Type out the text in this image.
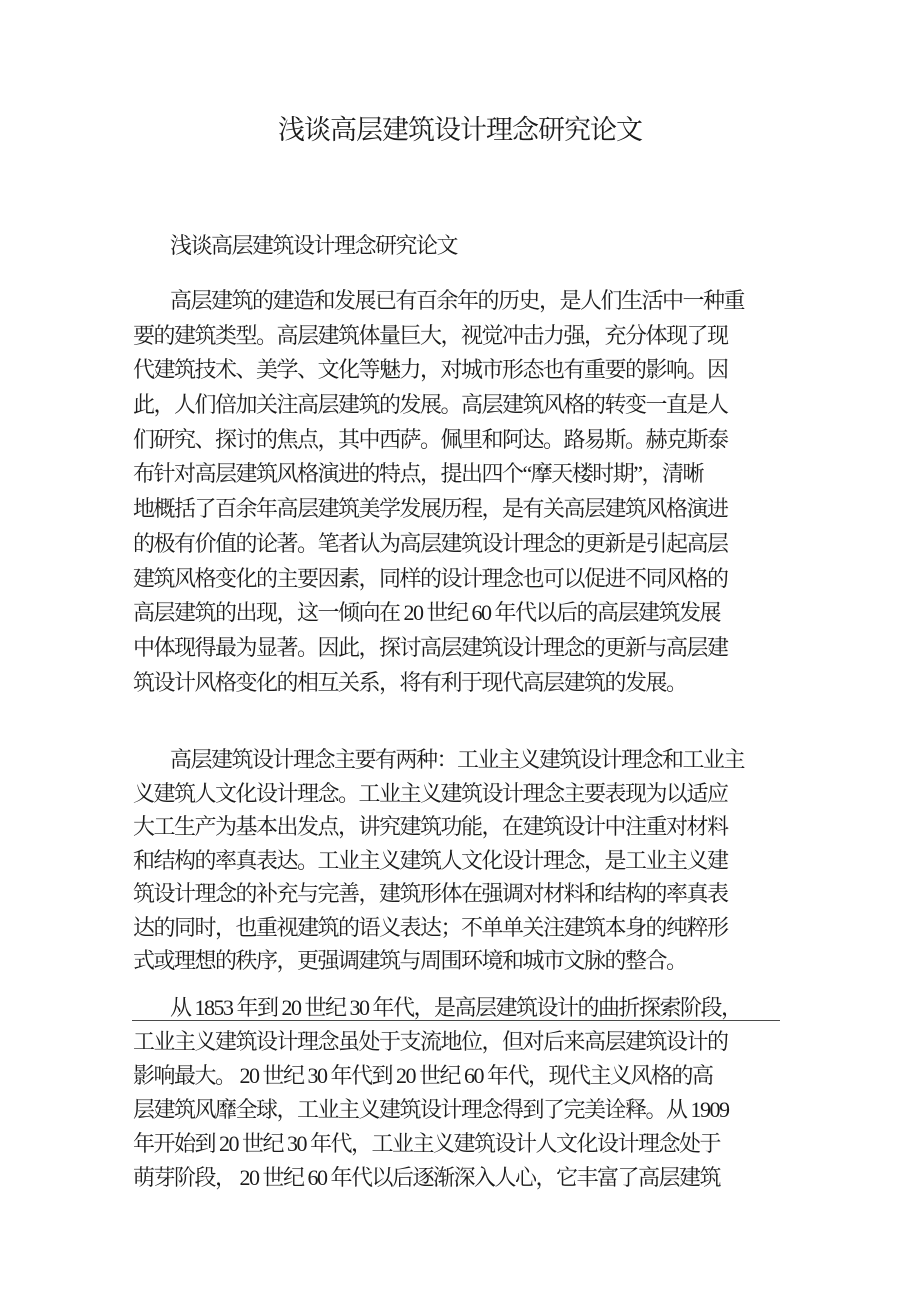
浅谈高层建筑设计理念研究论文
浅谈高层建筑设计理念研究论文
高层建筑的建造和发展已有百余年的历史，是人们生活中一种重
要的建筑类型。高层建筑体量巨大，视觉冲击力强，充分体现了现
代建筑技术、美学、文化等魅力，对城市形态也有重要的影响。因
此，人们倍加关注高层建筑的发展。高层建筑风格的转变一直是人
们研究、探讨的焦点，其中西萨。佩里和阿达。路易斯。赫克斯泰
布针对高层建筑风格演进的特点，提出四个“摩天楼时期”，清晰
地概括了百余年高层建筑美学发展历程，是有关高层建筑风格演进
的极有价值的论著。笔者认为高层建筑设计理念的更新是引起高层
建筑风格变化的主要因素，同样的设计理念也可以促进不同风格的
高层建筑的出现，这一倾向在 20 世纪 60 年代以后的高层建筑发展
中体现得最为显著。因此，探讨高层建筑设计理念的更新与高层建
筑设计风格变化的相互关系，将有利于现代高层建筑的发展。
高层建筑设计理念主要有两种：工业主义建筑设计理念和工业主
义建筑人文化设计理念。工业主义建筑设计理念主要表现为以适应
大工生产为基本出发点，讲究建筑功能，在建筑设计中注重对材料
和结构的率真表达。工业主义建筑人文化设计理念，是工业主义建
筑设计理念的补充与完善，建筑形体在强调对材料和结构的率真表
达的同时，也重视建筑的语义表达；不单单关注建筑本身的纯粹形
式或理想的秩序，更强调建筑与周围环境和城市文脉的整合。
从 1853 年到 20 世纪 30 年代，是高层建筑设计的曲折探索阶段，
工业主义建筑设计理念虽处于支流地位，但对后来高层建筑设计的
影响最大。 20 世纪 30 年代到 20 世纪 60 年代，现代主义风格的高
层建筑风靡全球，工业主义建筑设计理念得到了完美诠释。从 1909
年开始到 20 世纪 30 年代，工业主义建筑设计人文化设计理念处于
萌芽阶段， 20 世纪 60 年代以后逐渐深入人心，它丰富了高层建筑
